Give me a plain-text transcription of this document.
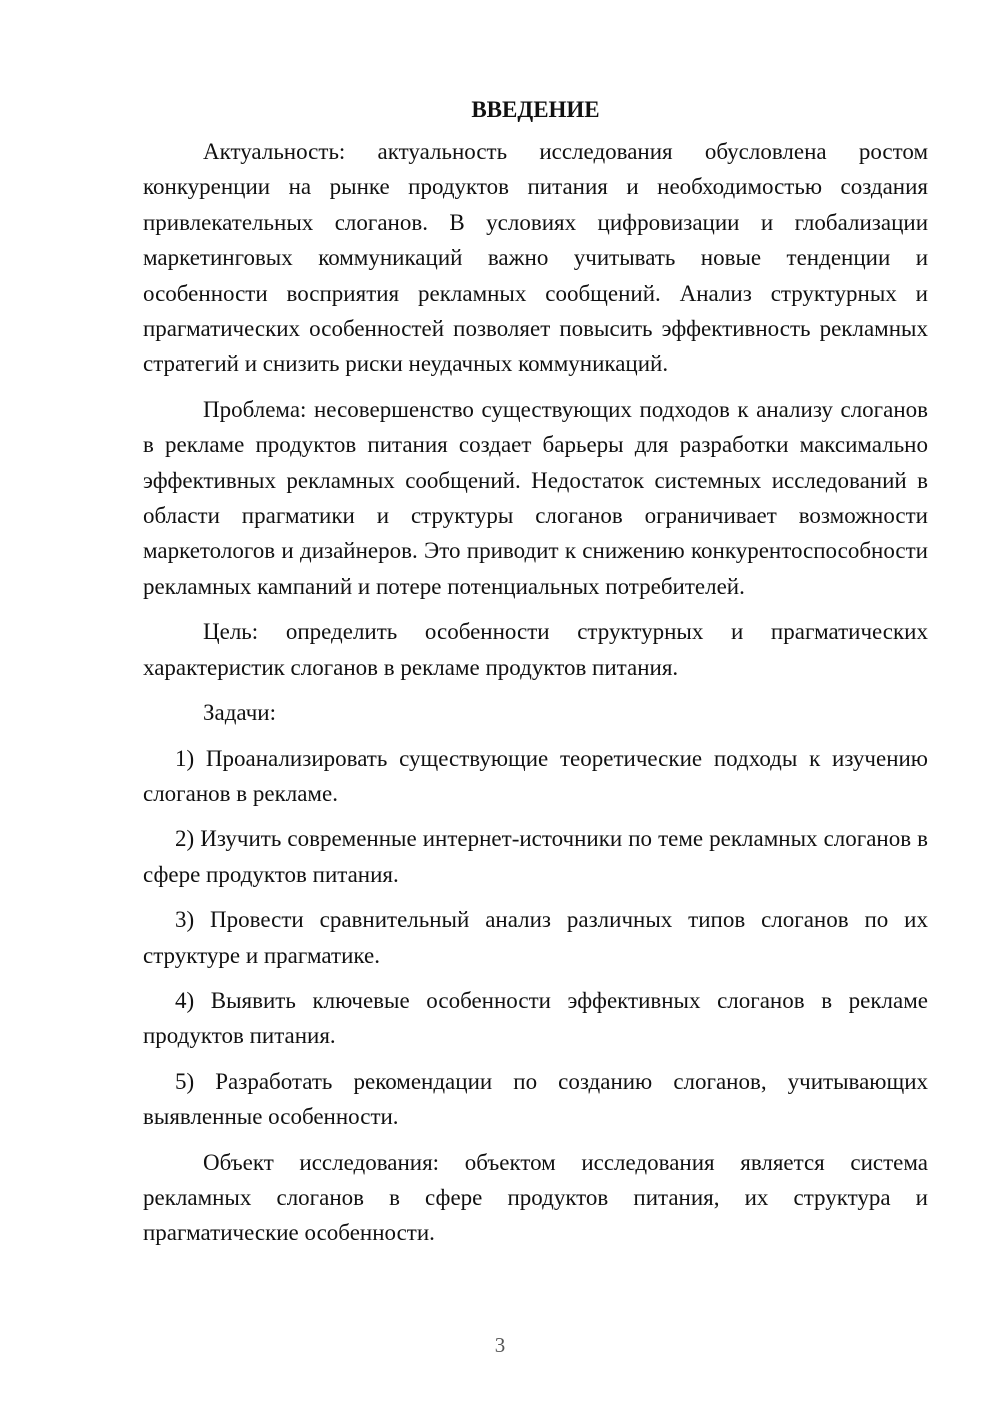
ВВЕДЕНИЕ

Актуальность: актуальность исследования обусловлена ростом конкуренции на рынке продуктов питания и необходимостью создания привлекательных слоганов. В условиях цифровизации и глобализации маркетинговых коммуникаций важно учитывать новые тенденции и особенности восприятия рекламных сообщений. Анализ структурных и прагматических особенностей позволяет повысить эффективность рекламных стратегий и снизить риски неудачных коммуникаций.

Проблема: несовершенство существующих подходов к анализу слоганов в рекламе продуктов питания создает барьеры для разработки максимально эффективных рекламных сообщений. Недостаток системных исследований в области прагматики и структуры слоганов ограничивает возможности маркетологов и дизайнеров. Это приводит к снижению конкурентоспособности рекламных кампаний и потере потенциальных потребителей.

Цель: определить особенности структурных и прагматических характеристик слоганов в рекламе продуктов питания.

Задачи:

1) Проанализировать существующие теоретические подходы к изучению слоганов в рекламе.

2) Изучить современные интернет-источники по теме рекламных слоганов в сфере продуктов питания.

3) Провести сравнительный анализ различных типов слоганов по их структуре и прагматике.

4) Выявить ключевые особенности эффективных слоганов в рекламе продуктов питания.

5) Разработать рекомендации по созданию слоганов, учитывающих выявленные особенности.

Объект исследования: объектом исследования является система рекламных слоганов в сфере продуктов питания, их структура и прагматические особенности.

3
